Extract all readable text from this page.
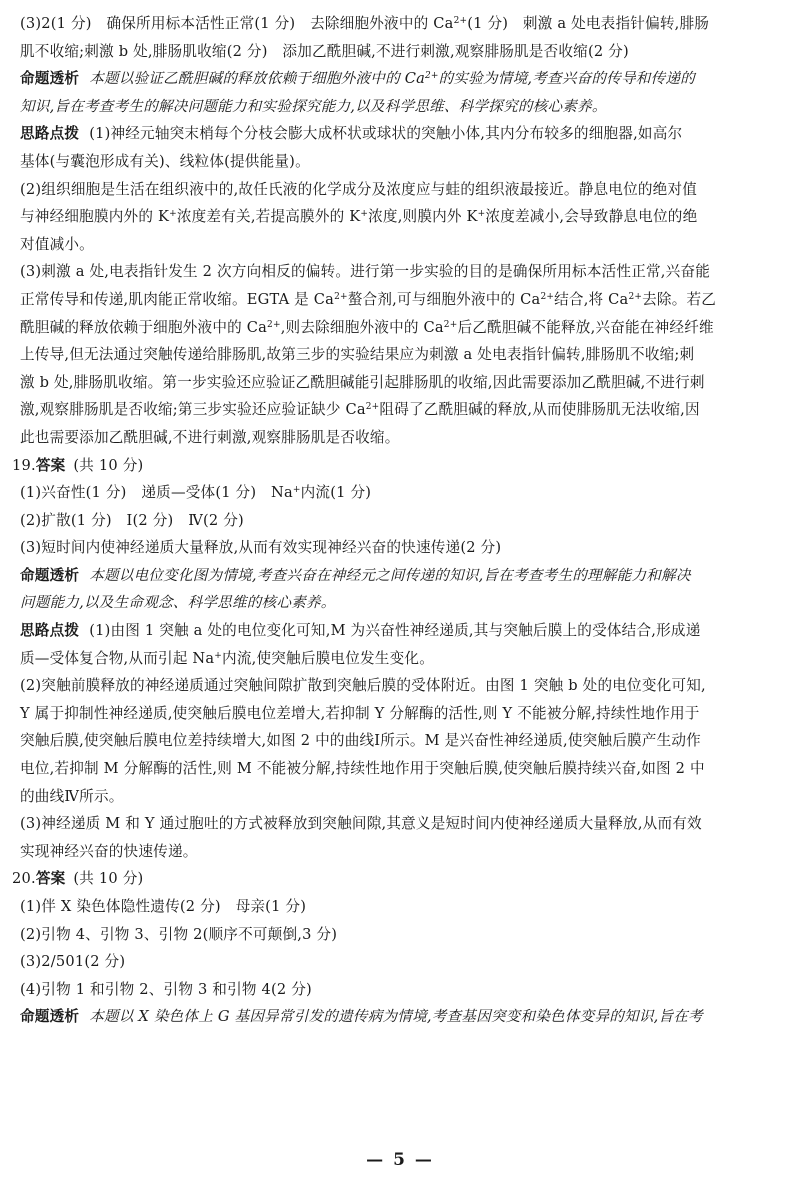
(3)2(1 分)　确保所用标本活性正常(1 分)　去除细胞外液中的 $Ca^{2+}(1$ 分)　刺激 a 处电表指针偏转,腓肠

肌不收缩;刺激 b 处,腓肠肌收缩(2 分)　添加乙酰胆碱,不进行刺激,观察腓肠肌是否收缩(2 分)

命题透析 本题以验证乙酰胆碱的释放依赖于细胞外液中的 $Ca^{2+}$的实验为情境,考查兴奋的传导和传递的

知识,旨在考查考生的解决问题能力和实验探究能力,以及科学思维、科学探究的核心素养。

思路点拨 (1)神经元轴突末梢每个分枝会膨大成杯状或球状的突触小体,其内分布较多的细胞器,如高尔

基体(与囊泡形成有关)、线粒体(提供能量)。

(2)组织细胞是生活在组织液中的,故任氏液的化学成分及浓度应与蛙的组织液最接近。静息电位的绝对值

与神经细胞膜内外的 K+浓度差有关,若提高膜外的 K+浓度,则膜内外 K+浓度差减小,会导致静息电位的绝

对值减小。

(3)刺激 a 处,电表指针发生 2 次方向相反的偏转。进行第一步实验的目的是确保所用标本活性正常,兴奋能

正常传导和传递,肌肉能正常收缩。EGTA 是 $Ca^{2+}$螯合剂,可与细胞外液中的 $Ca^{2+}$结合,将 $Ca^{2+}$去除。若乙

酰胆碱的释放依赖于细胞外液中的 $Ca^{2+}$,则去除细胞外液中的 $Ca^{2+}$后乙酰胆碱不能释放,兴奋能在神经纤维

上传导,但无法通过突触传递给腓肠肌,故第三步的实验结果应为刺激 a 处电表指针偏转,腓肠肌不收缩;刺

激 b 处,腓肠肌收缩。第一步实验还应验证乙酰胆碱能引起腓肠肌的收缩,因此需要添加乙酰胆碱,不进行刺

激,观察腓肠肌是否收缩;第三步实验还应验证缺少 $Ca^{2+}$阻碍了乙酰胆碱的释放,从而使腓肠肌无法收缩,因

此也需要添加乙酰胆碱,不进行刺激,观察腓肠肌是否收缩。

19.答案 (共 10 分)

(1)兴奋性(1 分)　递质—受体(1 分)　Na+内流(1 分)

(2)扩散(1 分)　Ⅰ(2 分)　Ⅳ(2 分)

(3)短时间内使神经递质大量释放,从而有效实现神经兴奋的快速传递(2 分)

命题透析 本题以电位变化图为情境,考查兴奋在神经元之间传递的知识,旨在考查考生的理解能力和解决

问题能力,以及生命观念、科学思维的核心素养。

思路点拨 (1)由图 1 突触 a 处的电位变化可知,M 为兴奋性神经递质,其与突触后膜上的受体结合,形成递

质—受体复合物,从而引起 Na+内流,使突触后膜电位发生变化。

(2)突触前膜释放的神经递质通过突触间隙扩散到突触后膜的受体附近。由图 1 突触 b 处的电位变化可知,

Y 属于抑制性神经递质,使突触后膜电位差增大,若抑制 Y 分解酶的活性,则 Y 不能被分解,持续性地作用于

突触后膜,使突触后膜电位差持续增大,如图 2 中的曲线Ⅰ所示。M 是兴奋性神经递质,使突触后膜产生动作

电位,若抑制 M 分解酶的活性,则 M 不能被分解,持续性地作用于突触后膜,使突触后膜持续兴奋,如图 2 中

的曲线Ⅳ所示。

(3)神经递质 M 和 Y 通过胞吐的方式被释放到突触间隙,其意义是短时间内使神经递质大量释放,从而有效

实现神经兴奋的快速传递。

20.答案 (共 10 分)

(1)伴 X 染色体隐性遗传(2 分)　母亲(1 分)

(2)引物 4、引物 3、引物 2(顺序不可颠倒,3 分)

(3)2/501(2 分)

(4)引物 1 和引物 2、引物 3 和引物 4(2 分)

命题透析 本题以 X 染色体上 G 基因异常引发的遗传病为情境,考查基因突变和染色体变异的知识,旨在考

— 5 —
